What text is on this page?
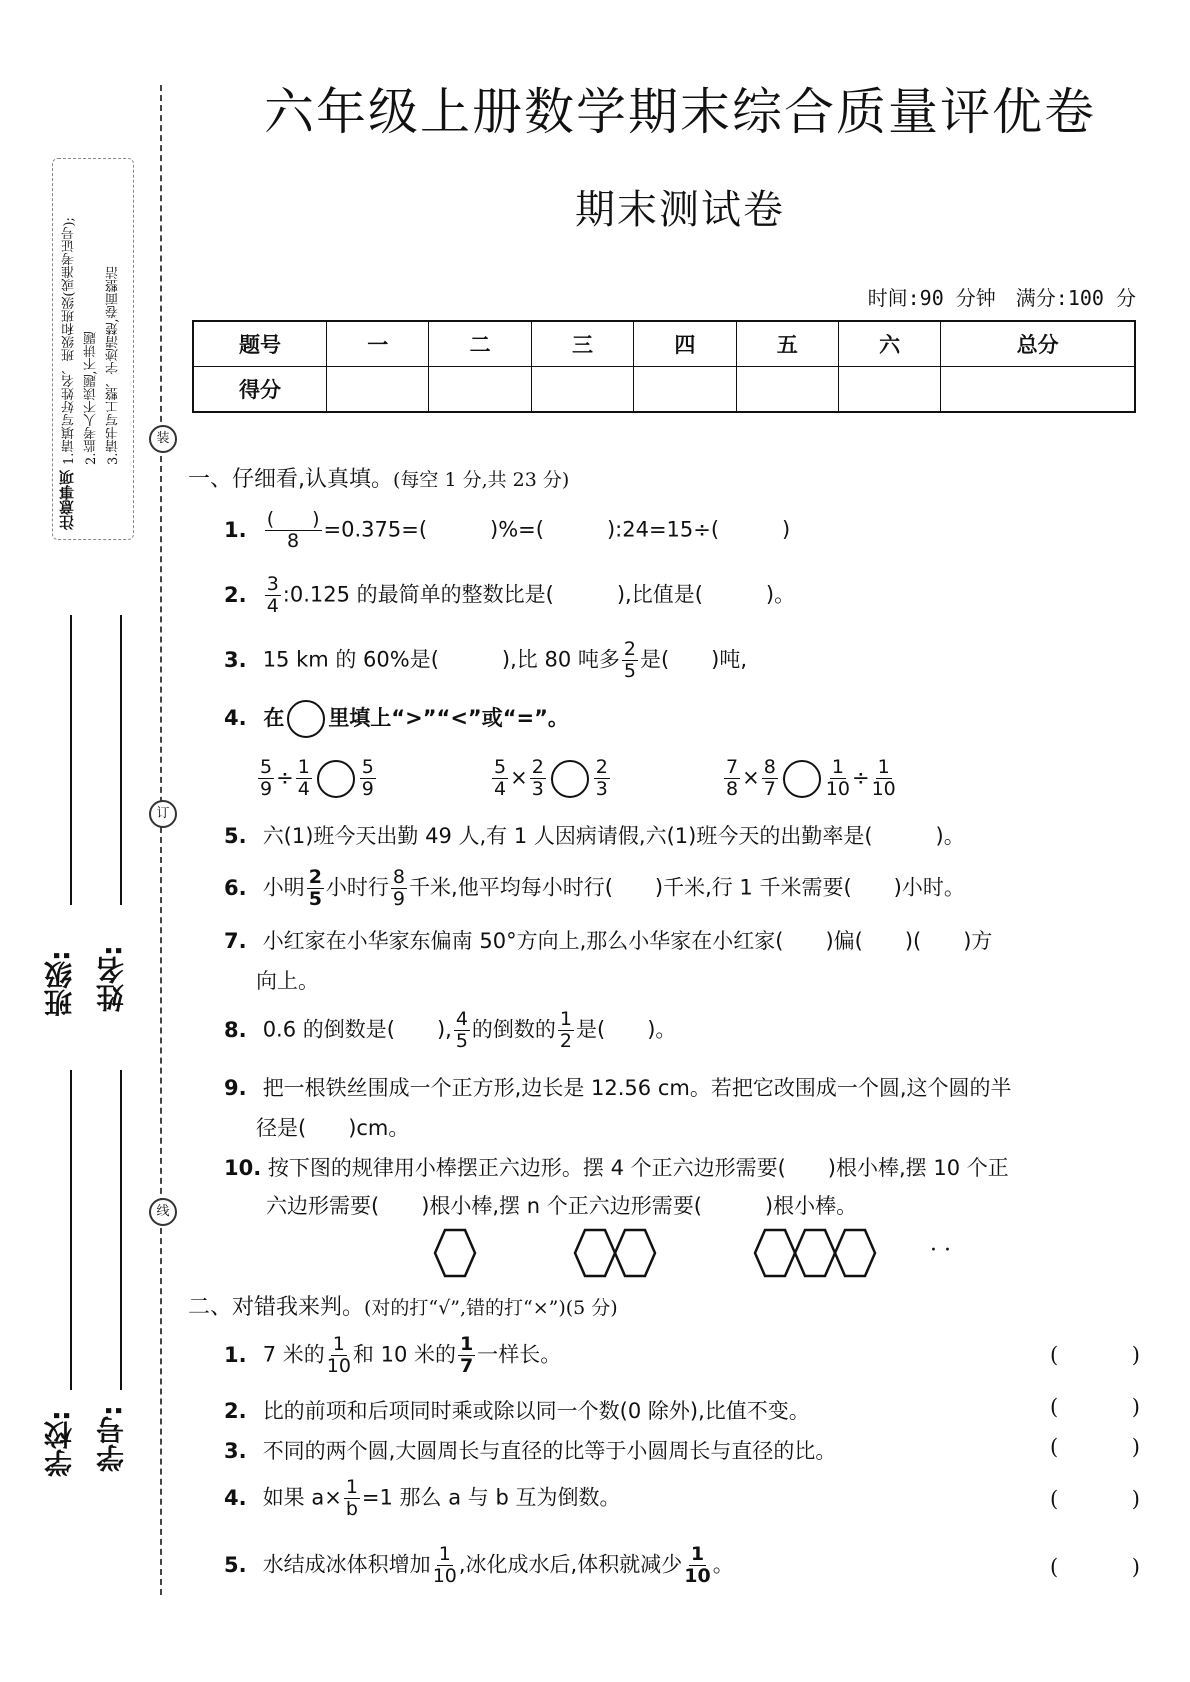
注意事项
1.请填写好姓名、班级和班级(或准考证号); 2.监考人不读题,不讲题 3.请书写工整、字迹清楚,卷面整洁	装
订
线
班级: 姓名:
学校: 学号:
六年级上册数学期末综合质量评优卷
期末测试卷
时间:90 分钟　满分:100 分
题号	一	二	三	四	五	六	总分
得分							
一、仔细看,认真填。(每空 1 分,共 23 分)
1. $\frac{( )}{8} =0.375=$(　　　)%=(　　　):24=15÷(　　　)
2. $\frac{3}{4}$ :0.125 的最简单的整数比是(　　　),比值是(　　　)。
3. 15 km 的 60%是(　　　),比 80 吨多 $\frac{2}{5}$ 是(　　)吨,
4. 在 里填上“>”“<”或“=”。
$\frac{5}{9} \div \frac{1}{4}$	$\frac{5}{9}$	$\frac{5}{4} \times \frac{2}{3}$	$\frac{2}{3}$	$\frac{7}{8} \times \frac{8}{7}$	$\frac{1}{10} \div \frac{1}{10}$
5. 六(1)班今天出勤 49 人,有 1 人因病请假,六(1)班今天的出勤率是(　　　)。
6. 小明 $\frac{2}{5}$ 小时行 $\frac{8}{9}$ 千米,他平均每小时行(　　)千米,行 1 千米需要(　　)小时。
7. 小红家在小华家东偏南 50°方向上,那么小华家在小红家(　　)偏(　　)(　　)方
向上。
8. 0.6 的倒数是(　　), $\frac{4}{5}$ 的倒数的 $\frac{1}{2}$ 是(　　)。
9. 把一根铁丝围成一个正方形,边长是 12.56 cm。若把它改围成一个圆,这个圆的半
径是(　　)cm。
10. 按下图的规律用小棒摆正六边形。摆 4 个正六边形需要(　　)根小棒,摆 10 个正
六边形需要(　　)根小棒,摆 n 个正六边形需要(　　　)根小棒。
· ·
二、对错我来判。(对的打“√”,错的打“×”)(5 分)
1. 7 米的 $\frac{1}{10}$ 和 10 米的 $\frac{1}{7}$ 一样长。	(	)
2. 比的前项和后项同时乘或除以同一个数(0 除外),比值不变。	(	)
3. 不同的两个圆,大圆周长与直径的比等于小圆周长与直径的比。	(	)
4. 如果 $a\times \frac{1}{b} =1$ 那么 a 与 b 互为倒数。	(	)
5. 水结成冰体积增加 $\frac{1}{10}$ ,冰化成水后,体积就减少 $\frac{1}{10}$ 。	(	)
